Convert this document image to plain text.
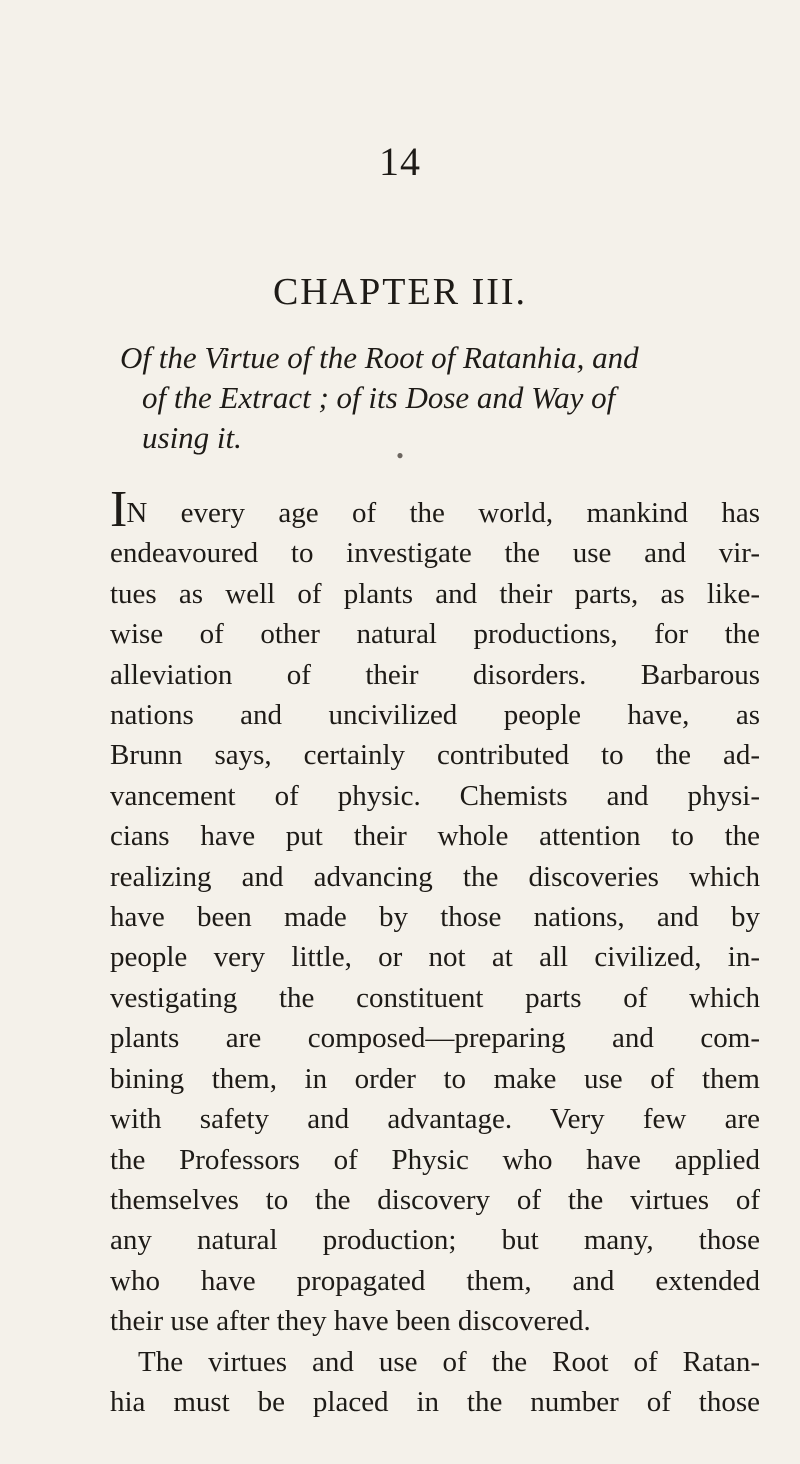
14
CHAPTER III.
Of the Virtue of the Root of Ratanhia, and
of the Extract ; of its Dose and Way of
using it.	●
IN every age of the world, mankind has
endeavoured to investigate the use and vir-
tues as well of plants and their parts, as like-
wise of other natural productions, for the
alleviation of their disorders. Barbarous
nations and uncivilized people have, as
Brunn says, certainly contributed to the ad-
vancement of physic. Chemists and physi-
cians have put their whole attention to the
realizing and advancing the discoveries which
have been made by those nations, and by
people very little, or not at all civilized, in-
vestigating the constituent parts of which
plants are composed—preparing and com-
bining them, in order to make use of them
with safety and advantage. Very few are
the Professors of Physic who have applied
themselves to the discovery of the virtues of
any natural production; but many, those
who have propagated them, and extended
their use after they have been discovered.
The virtues and use of the Root of Ratan-
hia must be placed in the number of those
